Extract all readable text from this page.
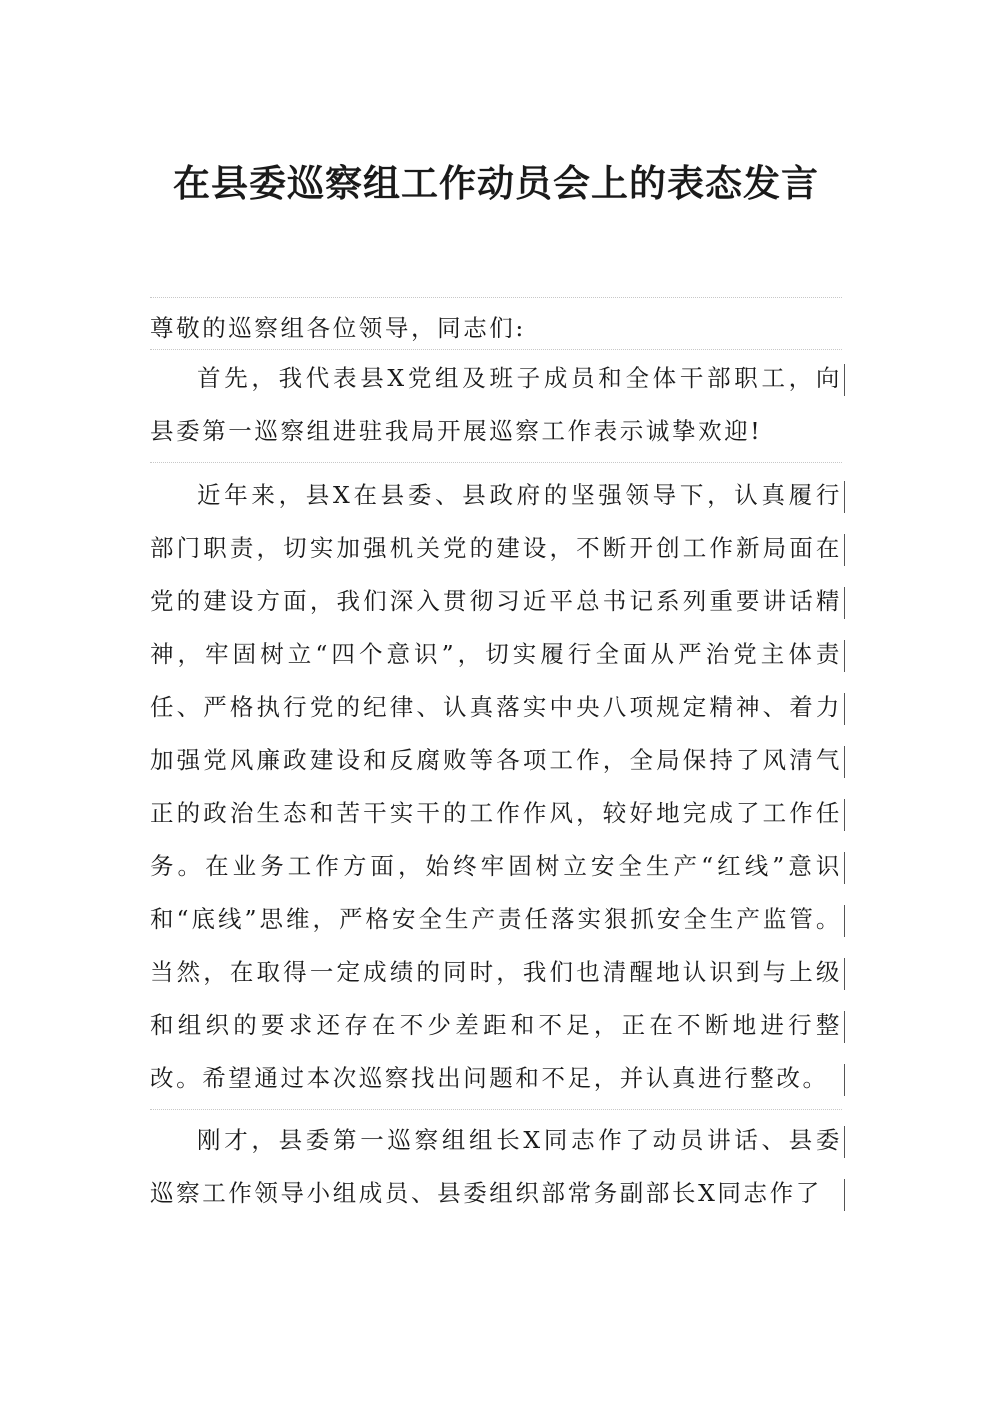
在县委巡察组工作动员会上的表态发言

尊敬的巡察组各位领导，同志们:

首先，我代表县X党组及班子成员和全体干部职工，向县委第一巡察组进驻我局开展巡察工作表示诚挚欢迎!

近年来，县X在县委、县政府的坚强领导下，认真履行部门职责，切实加强机关党的建设，不断开创工作新局面在党的建设方面，我们深入贯彻习近平总书记系列重要讲话精神，牢固树立“四个意识”，切实履行全面从严治党主体责任、严格执行党的纪律、认真落实中央八项规定精神、着力加强党风廉政建设和反腐败等各项工作，全局保持了风清气正的政治生态和苦干实干的工作作风，较好地完成了工作任务。在业务工作方面，始终牢固树立安全生产“红线”意识和“底线”思维，严格安全生产责任落实狠抓安全生产监管。当然，在取得一定成绩的同时，我们也清醒地认识到与上级和组织的要求还存在不少差距和不足，正在不断地进行整改。希望通过本次巡察找出问题和不足，并认真进行整改。

刚才，县委第一巡察组组长X同志作了动员讲话、县委巡察工作领导小组成员、县委组织部常务副部长X同志作了
